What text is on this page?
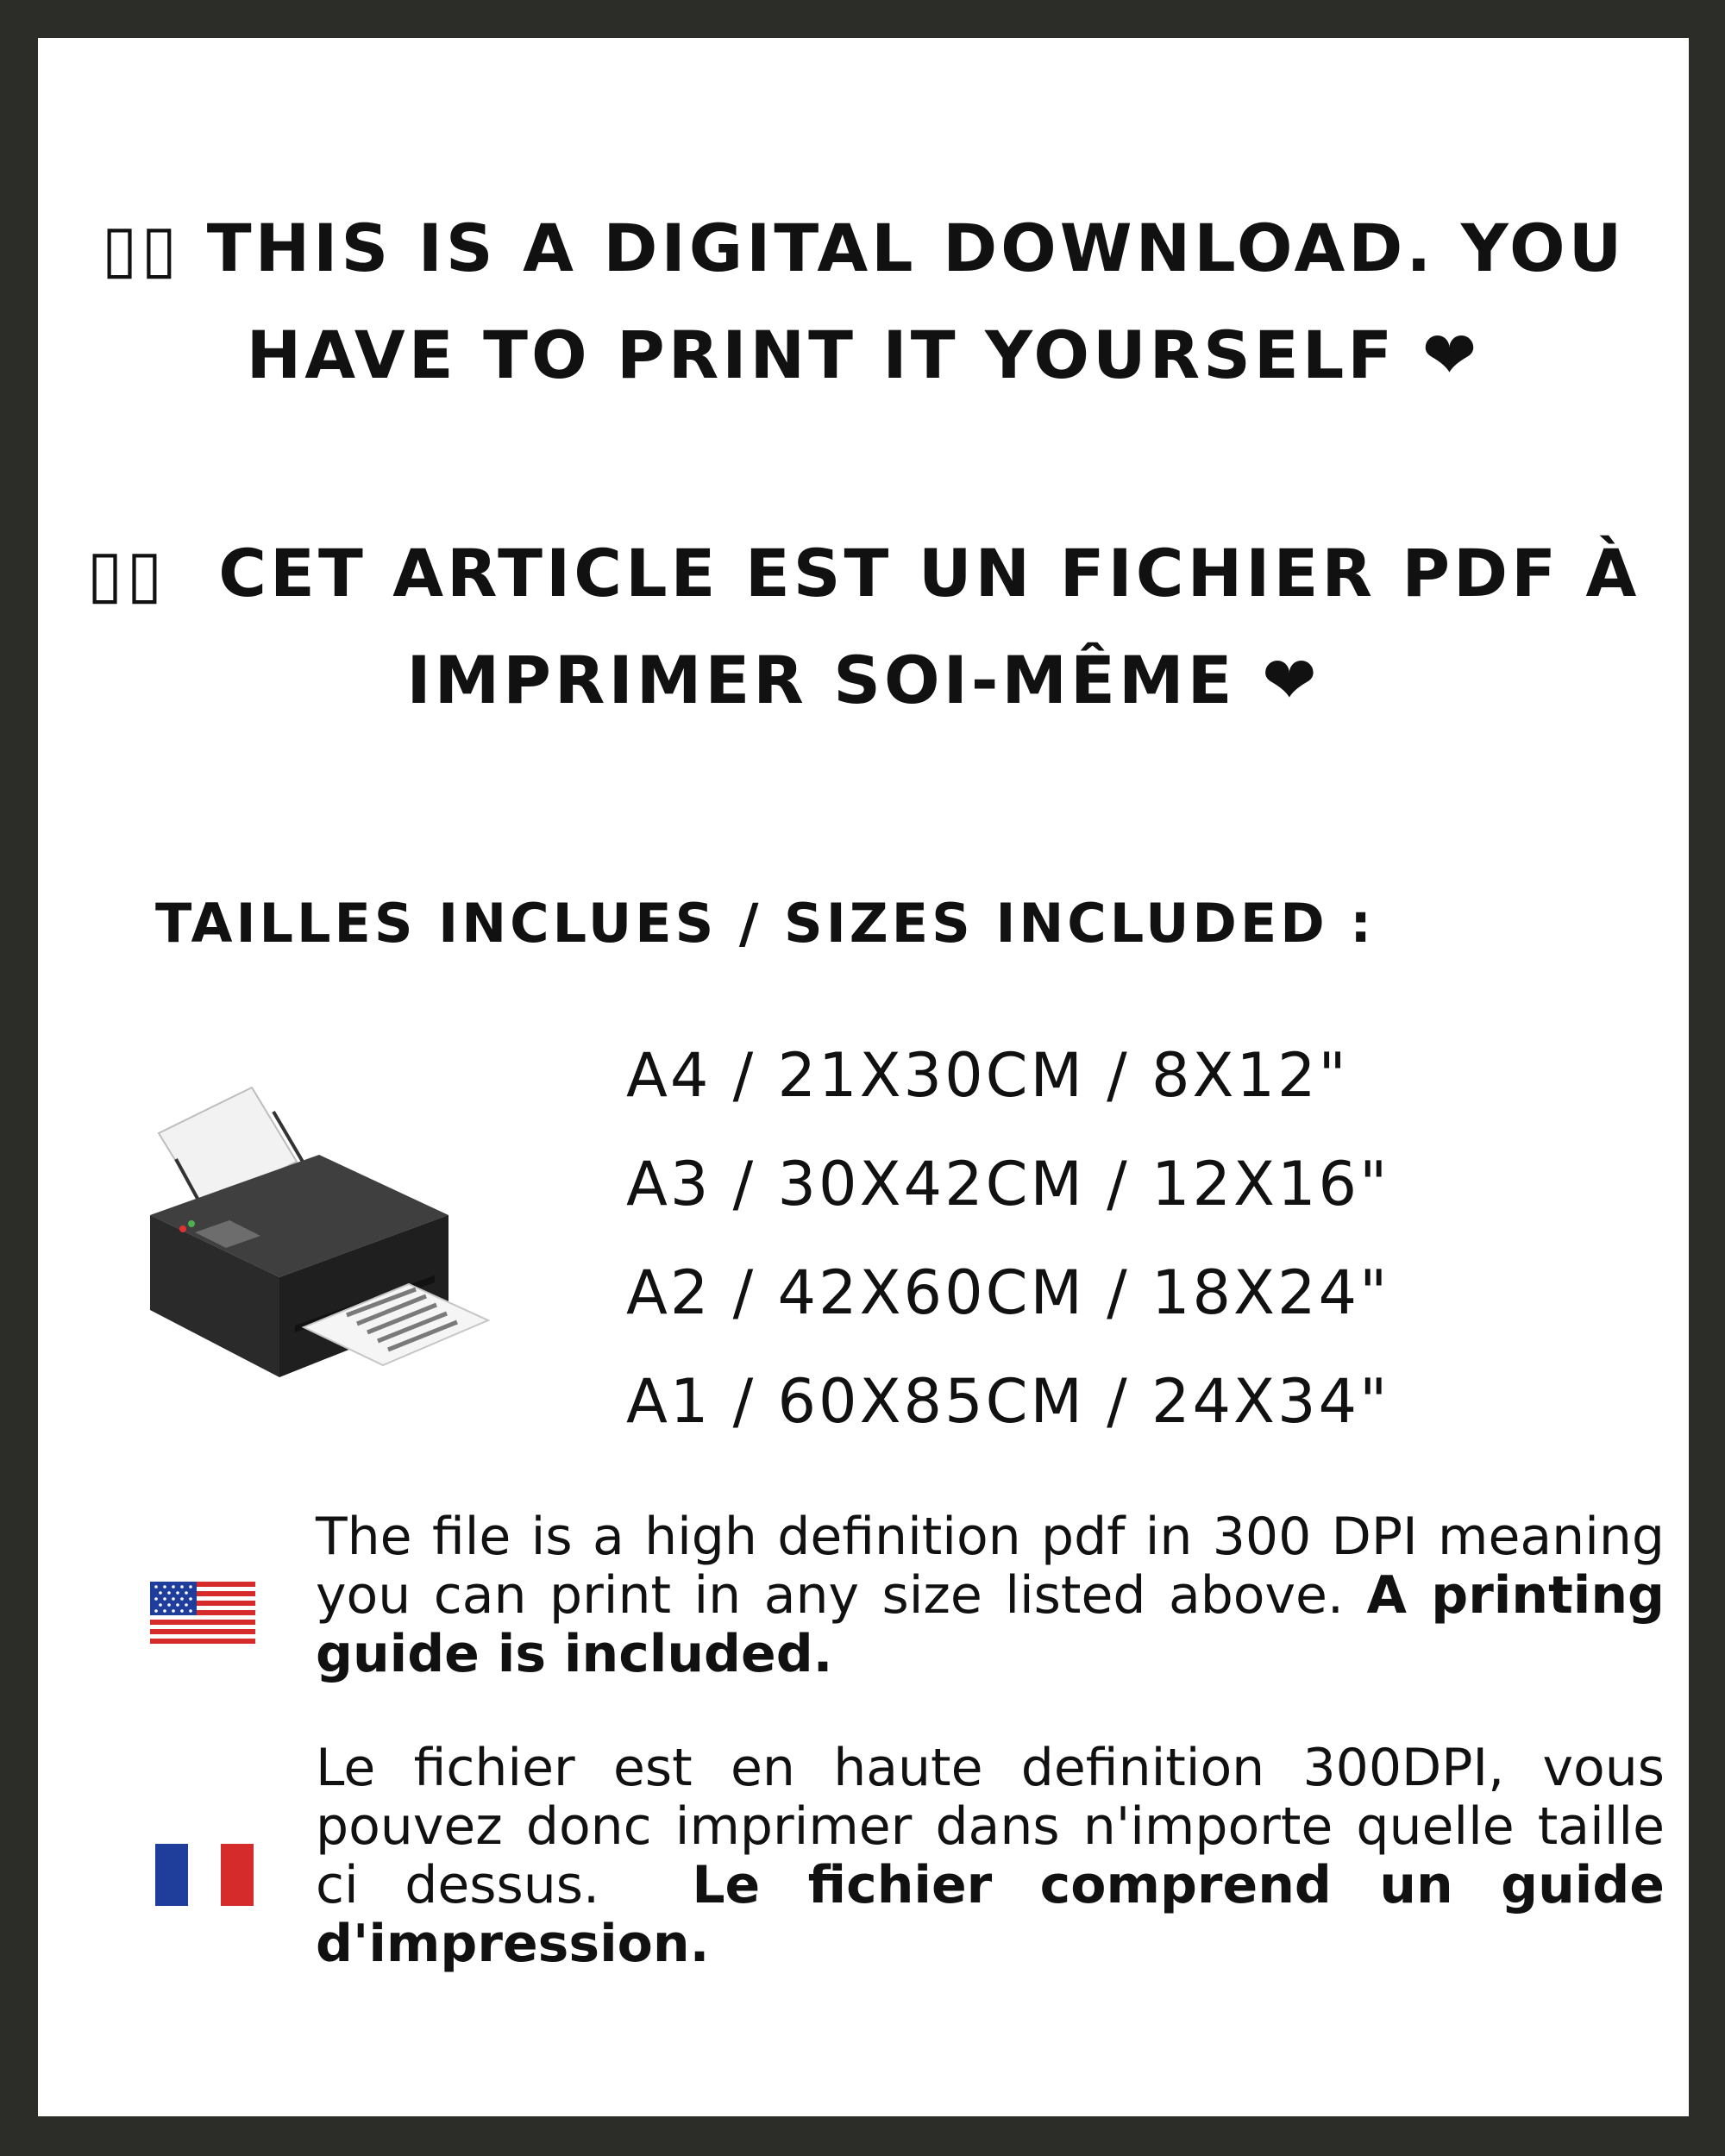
▯▯ THIS IS A DIGITAL DOWNLOAD. YOU
HAVE TO PRINT IT YOURSELF ❤
▯▯ CET ARTICLE EST UN FICHIER PDF À
IMPRIMER SOI-MÊME ❤
TAILLES INCLUES / SIZES INCLUDED :
A4 / 21X30CM / 8X12"
A3 / 30X42CM / 12X16"
A2 / 42X60CM / 18X24"
A1 / 60X85CM / 24X34"
The file is a high definition pdf in 300 DPI meaning you can print in any size listed above. A printing guide is included.
Le fichier est en haute definition 300DPI, vous pouvez donc imprimer dans n'importe quelle taille ci dessus. Le fichier comprend un guide d'impression.
